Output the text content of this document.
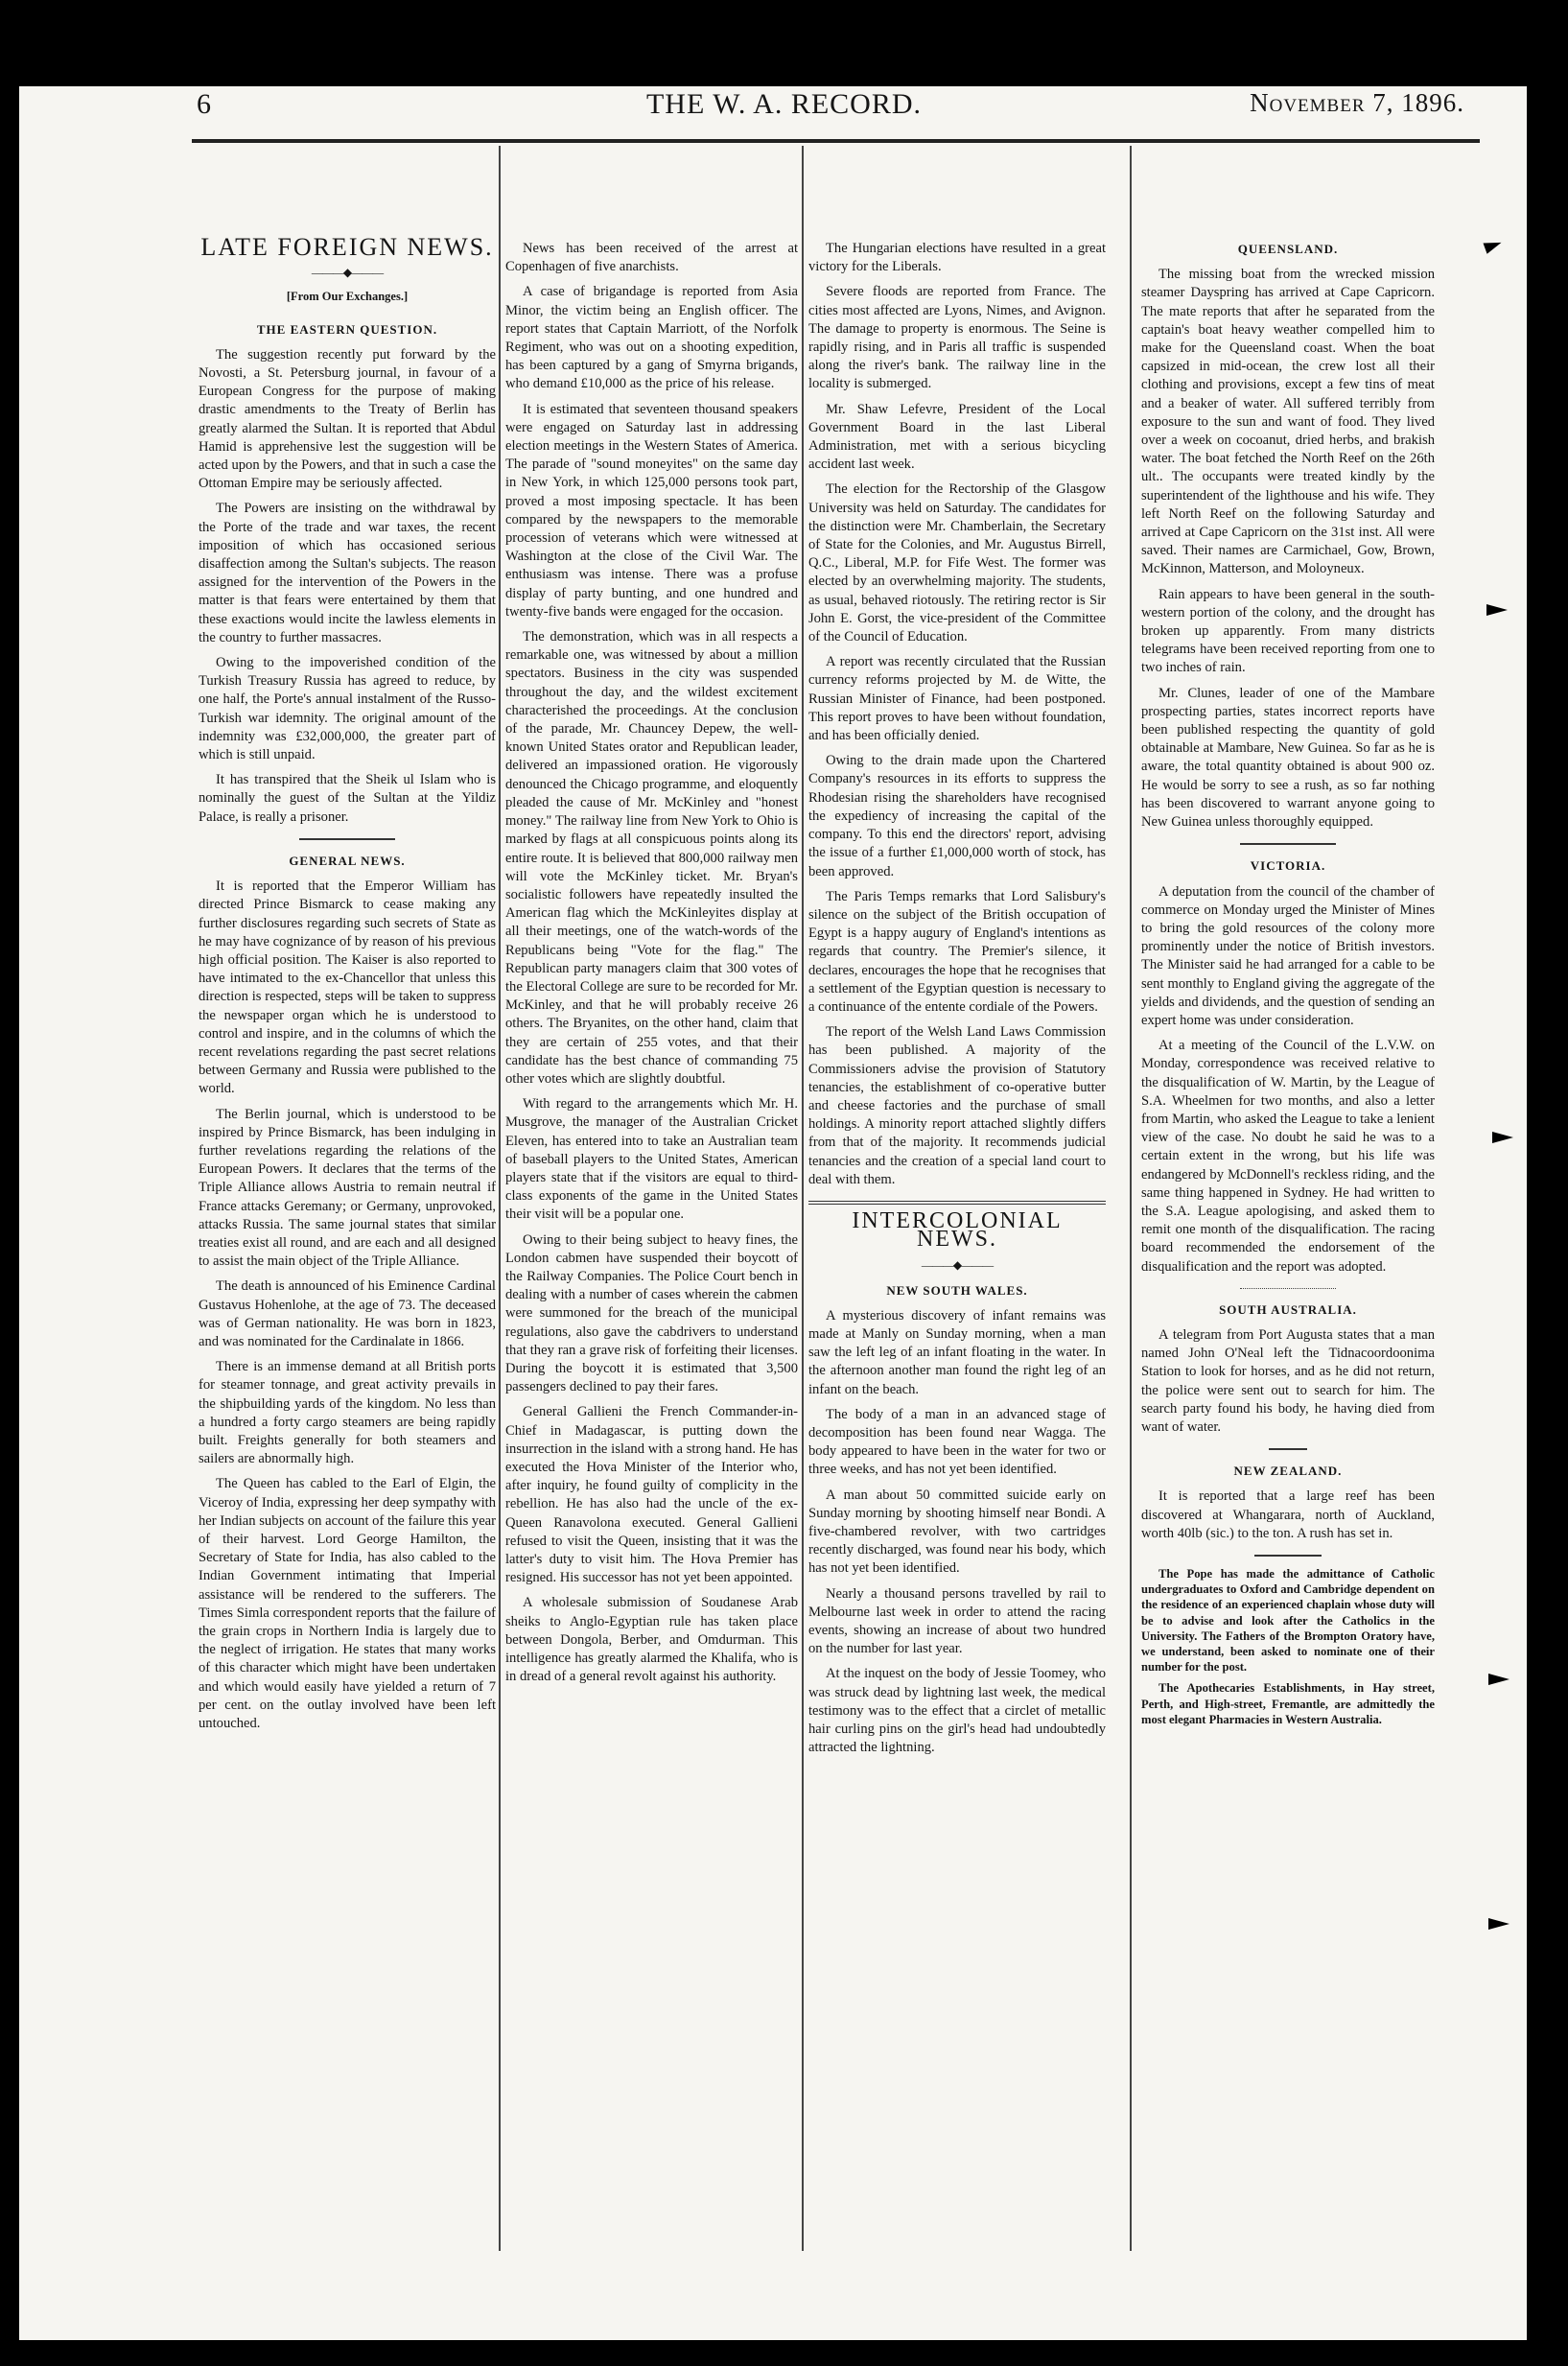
6	THE W. A. RECORD.	November 7, 1896.
LATE FOREIGN NEWS.
———◆———
[From Our Exchanges.]
THE EASTERN QUESTION.

The suggestion recently put forward by the Novosti, a St. Petersburg journal, in favour of a European Congress for the purpose of making drastic amendments to the Treaty of Berlin has greatly alarmed the Sultan. It is reported that Abdul Hamid is apprehensive lest the suggestion will be acted upon by the Powers, and that in such a case the Ottoman Empire may be seriously affected.

The Powers are insisting on the withdrawal by the Porte of the trade and war taxes, the recent imposition of which has occasioned serious disaffection among the Sultan's subjects. The reason assigned for the intervention of the Powers in the matter is that fears were entertained by them that these exactions would incite the lawless elements in the country to further massacres.

Owing to the impoverished condition of the Turkish Treasury Russia has agreed to reduce, by one half, the Porte's annual instalment of the Russo-Turkish war idemnity. The original amount of the indemnity was £32,000,000, the greater part of which is still unpaid.

It has transpired that the Sheik ul Islam who is nominally the guest of the Sultan at the Yildiz Palace, is really a prisoner.

GENERAL NEWS.

It is reported that the Emperor William has directed Prince Bismarck to cease making any further disclosures regarding such secrets of State as he may have cognizance of by reason of his previous high official position. The Kaiser is also reported to have intimated to the ex-Chancellor that unless this direction is respected, steps will be taken to suppress the newspaper organ which he is understood to control and inspire, and in the columns of which the recent revelations regarding the past secret relations between Germany and Russia were published to the world.

The Berlin journal, which is understood to be inspired by Prince Bismarck, has been indulging in further revelations regarding the relations of the European Powers. It declares that the terms of the Triple Alliance allows Austria to remain neutral if France attacks Geremany; or Germany, unprovoked, attacks Russia. The same journal states that similar treaties exist all round, and are each and all designed to assist the main object of the Triple Alliance.

The death is announced of his Eminence Cardinal Gustavus Hohenlohe, at the age of 73. The deceased was of German nationality. He was born in 1823, and was nominated for the Cardinalate in 1866.

There is an immense demand at all British ports for steamer tonnage, and great activity prevails in the shipbuilding yards of the kingdom. No less than a hundred a forty cargo steamers are being rapidly built. Freights generally for both steamers and sailers are abnormally high.

The Queen has cabled to the Earl of Elgin, the Viceroy of India, expressing her deep sympathy with her Indian subjects on account of the failure this year of their harvest. Lord George Hamilton, the Secretary of State for India, has also cabled to the Indian Government intimating that Imperial assistance will be rendered to the sufferers. The Times Simla correspondent reports that the failure of the grain crops in Northern India is largely due to the neglect of irrigation. He states that many works of this character which might have been undertaken and which would easily have yielded a return of 7 per cent. on the outlay involved have been left untouched.

News has been received of the arrest at Copenhagen of five anarchists.

A case of brigandage is reported from Asia Minor, the victim being an English officer. The report states that Captain Marriott, of the Norfolk Regiment, who was out on a shooting expedition, has been captured by a gang of Smyrna brigands, who demand £10,000 as the price of his release.

It is estimated that seventeen thousand speakers were engaged on Saturday last in addressing election meetings in the Western States of America. The parade of "sound moneyites" on the same day in New York, in which 125,000 persons took part, proved a most imposing spectacle. It has been compared by the newspapers to the memorable procession of veterans which were witnessed at Washington at the close of the Civil War. The enthusiasm was intense. There was a profuse display of party bunting, and one hundred and twenty-five bands were engaged for the occasion.

The demonstration, which was in all respects a remarkable one, was witnessed by about a million spectators. Business in the city was suspended throughout the day, and the wildest excitement characterished the proceedings. At the conclusion of the parade, Mr. Chauncey Depew, the well-known United States orator and Republican leader, delivered an impassioned oration. He vigorously denounced the Chicago programme, and eloquently pleaded the cause of Mr. McKinley and "honest money." The railway line from New York to Ohio is marked by flags at all conspicuous points along its entire route. It is believed that 800,000 railway men will vote the McKinley ticket. Mr. Bryan's socialistic followers have repeatedly insulted the American flag which the McKinleyites display at all their meetings, one of the watch-words of the Republicans being "Vote for the flag." The Republican party managers claim that 300 votes of the Electoral College are sure to be recorded for Mr. McKinley, and that he will probably receive 26 others. The Bryanites, on the other hand, claim that they are certain of 255 votes, and that their candidate has the best chance of commanding 75 other votes which are slightly doubtful.

With regard to the arrangements which Mr. H. Musgrove, the manager of the Australian Cricket Eleven, has entered into to take an Australian team of baseball players to the United States, American players state that if the visitors are equal to third-class exponents of the game in the United States their visit will be a popular one.

Owing to their being subject to heavy fines, the London cabmen have suspended their boycott of the Railway Companies. The Police Court bench in dealing with a number of cases wherein the cabmen were summoned for the breach of the municipal regulations, also gave the cabdrivers to understand that they ran a grave risk of forfeiting their licenses. During the boycott it is estimated that 3,500 passengers declined to pay their fares.

General Gallieni the French Commander-in-Chief in Madagascar, is putting down the insurrection in the island with a strong hand. He has executed the Hova Minister of the Interior who, after inquiry, he found guilty of complicity in the rebellion. He has also had the uncle of the ex-Queen Ranavolona executed. General Gallieni refused to visit the Queen, insisting that it was the latter's duty to visit him. The Hova Premier has resigned. His successor has not yet been appointed.

A wholesale submission of Soudanese Arab sheiks to Anglo-Egyptian rule has taken place between Dongola, Berber, and Omdurman. This intelligence has greatly alarmed the Khalifa, who is in dread of a general revolt against his authority.

The Hungarian elections have resulted in a great victory for the Liberals.

Severe floods are reported from France. The cities most affected are Lyons, Nimes, and Avignon. The damage to property is enormous. The Seine is rapidly rising, and in Paris all traffic is suspended along the river's bank. The railway line in the locality is submerged.

Mr. Shaw Lefevre, President of the Local Government Board in the last Liberal Administration, met with a serious bicycling accident last week.

The election for the Rectorship of the Glasgow University was held on Saturday. The candidates for the distinction were Mr. Chamberlain, the Secretary of State for the Colonies, and Mr. Augustus Birrell, Q.C., Liberal, M.P. for Fife West. The former was elected by an overwhelming majority. The students, as usual, behaved riotously. The retiring rector is Sir John E. Gorst, the vice-president of the Committee of the Council of Education.

A report was recently circulated that the Russian currency reforms projected by M. de Witte, the Russian Minister of Finance, had been postponed. This report proves to have been without foundation, and has been officially denied.

Owing to the drain made upon the Chartered Company's resources in its efforts to suppress the Rhodesian rising the shareholders have recognised the expediency of increasing the capital of the company. To this end the directors' report, advising the issue of a further £1,000,000 worth of stock, has been approved.

The Paris Temps remarks that Lord Salisbury's silence on the subject of the British occupation of Egypt is a happy augury of England's intentions as regards that country. The Premier's silence, it declares, encourages the hope that he recognises that a settlement of the Egyptian question is necessary to a continuance of the entente cordiale of the Powers.

The report of the Welsh Land Laws Commission has been published. A majority of the Commissioners advise the provision of Statutory tenancies, the establishment of co-operative butter and cheese factories and the purchase of small holdings. A minority report attached slightly differs from that of the majority. It recommends judicial tenancies and the creation of a special land court to deal with them.

INTERCOLONIAL NEWS.
———◆———
NEW SOUTH WALES.

A mysterious discovery of infant remains was made at Manly on Sunday morning, when a man saw the left leg of an infant floating in the water. In the afternoon another man found the right leg of an infant on the beach.

The body of a man in an advanced stage of decomposition has been found near Wagga. The body appeared to have been in the water for two or three weeks, and has not yet been identified.

A man about 50 committed suicide early on Sunday morning by shooting himself near Bondi. A five-chambered revolver, with two cartridges recently discharged, was found near his body, which has not yet been identified.

Nearly a thousand persons travelled by rail to Melbourne last week in order to attend the racing events, showing an increase of about two hundred on the number for last year.

At the inquest on the body of Jessie Toomey, who was struck dead by lightning last week, the medical testimony was to the effect that a circlet of metallic hair curling pins on the girl's head had undoubtedly attracted the lightning.

QUEENSLAND.

The missing boat from the wrecked mission steamer Dayspring has arrived at Cape Capricorn. The mate reports that after he separated from the captain's boat heavy weather compelled him to make for the Queensland coast. When the boat capsized in mid-ocean, the crew lost all their clothing and provisions, except a few tins of meat and a beaker of water. All suffered terribly from exposure to the sun and want of food. They lived over a week on cocoanut, dried herbs, and brakish water. The boat fetched the North Reef on the 26th ult.. The occupants were treated kindly by the superintendent of the lighthouse and his wife. They left North Reef on the following Saturday and arrived at Cape Capricorn on the 31st inst. All were saved. Their names are Carmichael, Gow, Brown, McKinnon, Matterson, and Moloyneux.

Rain appears to have been general in the south-western portion of the colony, and the drought has broken up apparently. From many districts telegrams have been received reporting from one to two inches of rain.

Mr. Clunes, leader of one of the Mambare prospecting parties, states incorrect reports have been published respecting the quantity of gold obtainable at Mambare, New Guinea. So far as he is aware, the total quantity obtained is about 900 oz. He would be sorry to see a rush, as so far nothing has been discovered to warrant anyone going to New Guinea unless thoroughly equipped.

VICTORIA.

A deputation from the council of the chamber of commerce on Monday urged the Minister of Mines to bring the gold resources of the colony more prominently under the notice of British investors. The Minister said he had arranged for a cable to be sent monthly to England giving the aggregate of the yields and dividends, and the question of sending an expert home was under consideration.

At a meeting of the Council of the L.V.W. on Monday, correspondence was received relative to the disqualification of W. Martin, by the League of S.A. Wheelmen for two months, and also a letter from Martin, who asked the League to take a lenient view of the case. No doubt he said he was to a certain extent in the wrong, but his life was endangered by McDonnell's reckless riding, and the same thing happened in Sydney. He had written to the S.A. League apologising, and asked them to remit one month of the disqualification. The racing board recommended the endorsement of the disqualification and the report was adopted.

SOUTH AUSTRALIA.

A telegram from Port Augusta states that a man named John O'Neal left the Tidnacoordoonima Station to look for horses, and as he did not return, the police were sent out to search for him. The search party found his body, he having died from want of water.

NEW ZEALAND.

It is reported that a large reef has been discovered at Whangarara, north of Auckland, worth 40lb (sic.) to the ton. A rush has set in.

The Pope has made the admittance of Catholic undergraduates to Oxford and Cambridge dependent on the residence of an experienced chaplain whose duty will be to advise and look after the Catholics in the University. The Fathers of the Brompton Oratory have, we understand, been asked to nominate one of their number for the post.

The Apothecaries Establishments, in Hay street, Perth, and High-street, Fremantle, are admittedly the most elegant Pharmacies in Western Australia.
